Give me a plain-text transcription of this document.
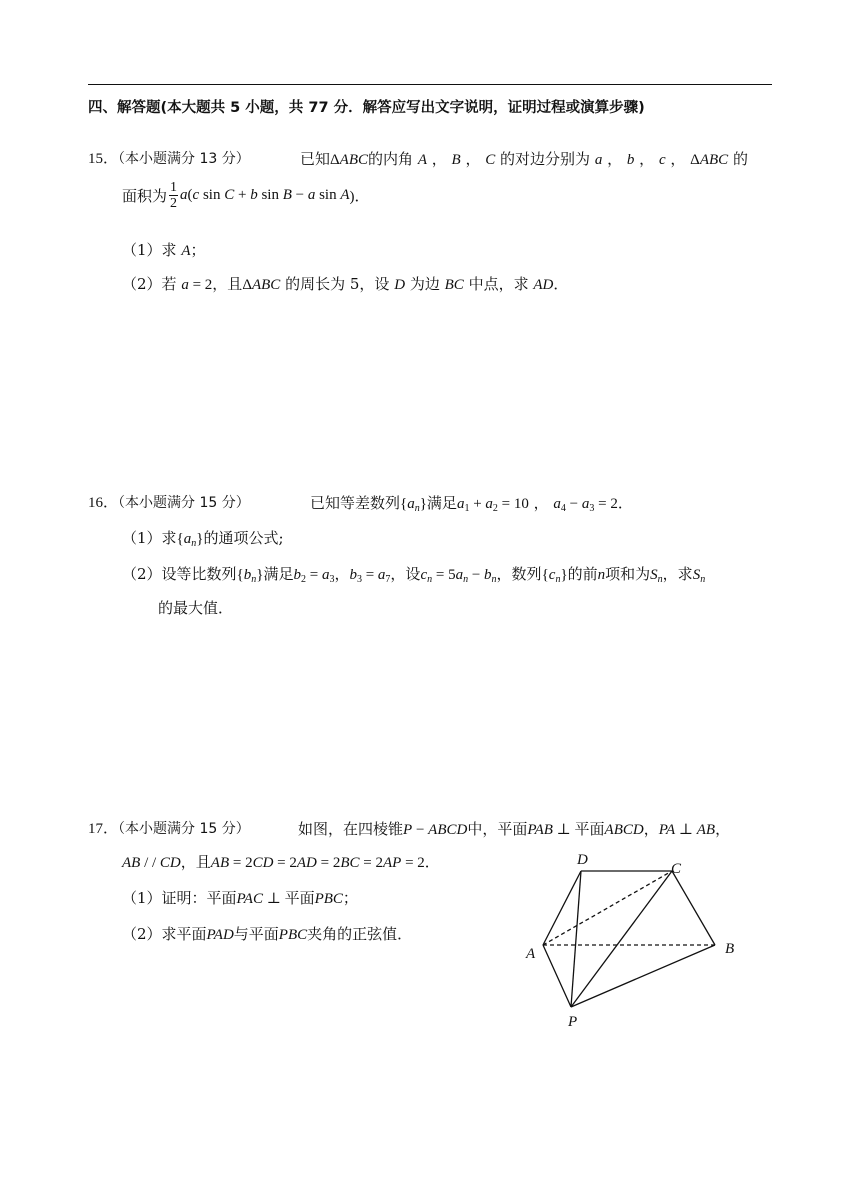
四、解答题(本大题共 5 小题，共 77 分．解答应写出文字说明，证明过程或演算步骤)
15．（本小题满分 13 分）	已知ΔABC的内角 A ， B ， C 的对边分别为 a ， b ， c ， ΔABC 的
面积为 $\frac{1}{2} a(c$ sin C + b sin B − a sin A)．
（1）求 A；
（2）若 a = 2，且ΔABC 的周长为 5，设 D 为边 BC 中点，求 AD．
16．（本小题满分 15 分）	已知等差数列$\{a_n\}$满足$a_1 + a_2 = 10$ ， $a_4 - a_3 = 2$．
（1）求$\{a_n\}$的通项公式;
（2）设等比数列$\{b_n\}$满足$b_2 = a_3$，$b_3 = a_7$，设$c_n = 5a_n - b_n$，数列$\{c_n\}$的前n项和为$S_n$，求$S_n$
的最大值．
17．（本小题满分 15 分）	如图，在四棱锥P − ABCD中，平面PAB ⊥ 平面ABCD，PA ⊥ AB，
AB / / CD，且AB = 2CD = 2AD = 2BC = 2AP = 2．
（1）证明：平面PAC ⊥ 平面PBC；
（2）求平面PAD与平面PBC夹角的正弦值．
D
C
A	B
P
